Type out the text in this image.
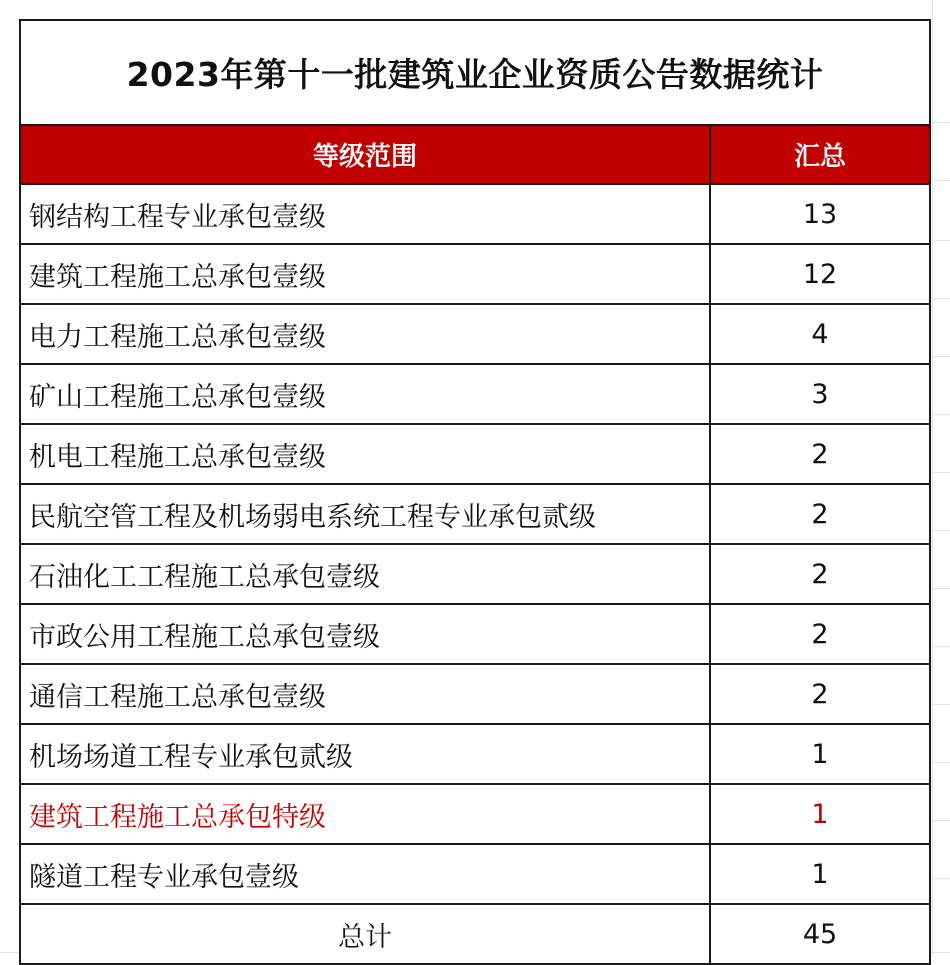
2023年第十一批建筑业企业资质公告数据统计
等级范围	汇总
钢结构工程专业承包壹级	13
建筑工程施工总承包壹级	12
电力工程施工总承包壹级	4
矿山工程施工总承包壹级	3
机电工程施工总承包壹级	2
民航空管工程及机场弱电系统工程专业承包贰级	2
石油化工工程施工总承包壹级	2
市政公用工程施工总承包壹级	2
通信工程施工总承包壹级	2
机场场道工程专业承包贰级	1
建筑工程施工总承包特级	1
隧道工程专业承包壹级	1
总计	45
